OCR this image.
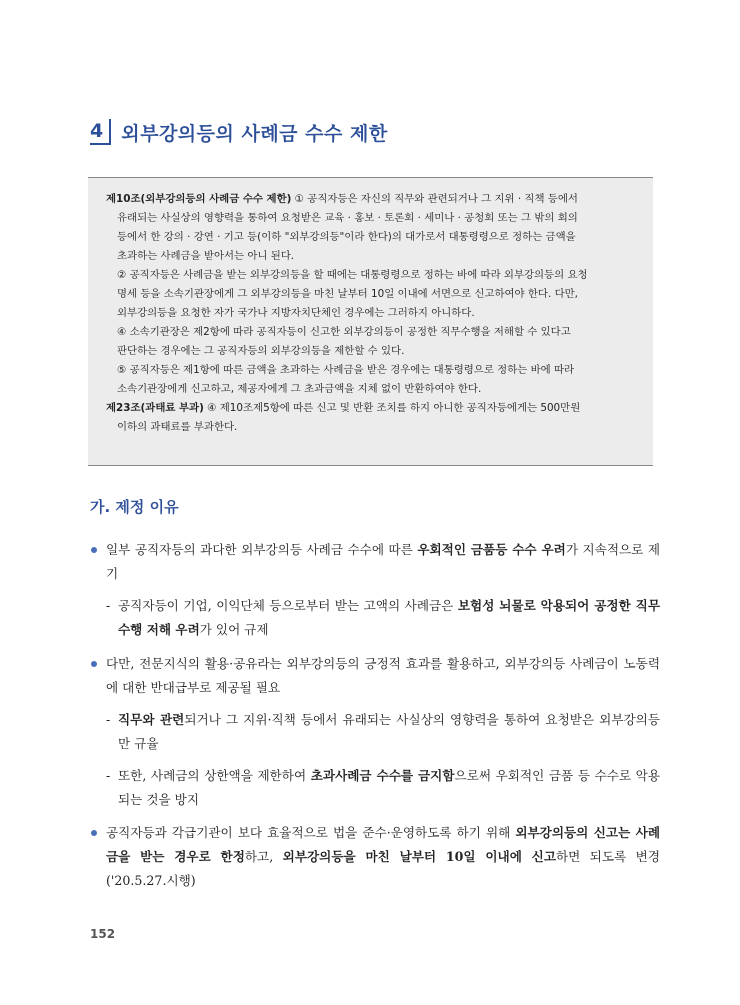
4 외부강의등의 사례금 수수 제한

제10조(외부강의등의 사례금 수수 제한) ① 공직자등은 자신의 직무와 관련되거나 그 지위 · 직책 등에서

유래되는 사실상의 영향력을 통하여 요청받은 교육 · 홍보 · 토론회 · 세미나 · 공청회 또는 그 밖의 회의

등에서 한 강의 · 강연 · 기고 등(이하 "외부강의등"이라 한다)의 대가로서 대통령령으로 정하는 금액을

초과하는 사례금을 받아서는 아니 된다.

② 공직자등은 사례금을 받는 외부강의등을 할 때에는 대통령령으로 정하는 바에 따라 외부강의등의 요청

명세 등을 소속기관장에게 그 외부강의등을 마친 날부터 10일 이내에 서면으로 신고하여야 한다. 다만,

외부강의등을 요청한 자가 국가나 지방자치단체인 경우에는 그러하지 아니하다.

④ 소속기관장은 제2항에 따라 공직자등이 신고한 외부강의등이 공정한 직무수행을 저해할 수 있다고

판단하는 경우에는 그 공직자등의 외부강의등을 제한할 수 있다.

⑤ 공직자등은 제1항에 따른 금액을 초과하는 사례금을 받은 경우에는 대통령령으로 정하는 바에 따라

소속기관장에게 신고하고, 제공자에게 그 초과금액을 지체 없이 반환하여야 한다.

제23조(과태료 부과) ④ 제10조제5항에 따른 신고 및 반환 조치를 하지 아니한 공직자등에게는 500만원

이하의 과태료를 부과한다.

가. 제정 이유
일부 공직자등의 과다한 외부강의등 사례금 수수에 따른 우회적인 금품등 수수 우려가 지속적으로 제기
- 공직자등이 기업, 이익단체 등으로부터 받는 고액의 사례금은 보험성 뇌물로 악용되어 공정한 직무수행 저해 우려가 있어 규제
다만, 전문지식의 활용·공유라는 외부강의등의 긍정적 효과를 활용하고, 외부강의등 사례금이 노동력에 대한 반대급부로 제공될 필요
- 직무와 관련되거나 그 지위·직책 등에서 유래되는 사실상의 영향력을 통하여 요청받은 외부강의등만 규율
- 또한, 사례금의 상한액을 제한하여 초과사례금 수수를 금지함으로써 우회적인 금품 등 수수로 악용되는 것을 방지
공직자등과 각급기관이 보다 효율적으로 법을 준수·운영하도록 하기 위해 외부강의등의 신고는 사례금을 받는 경우로 한정하고, 외부강의등을 마친 날부터 10일 이내에 신고하면 되도록 변경('20.5.27.시행)
152
